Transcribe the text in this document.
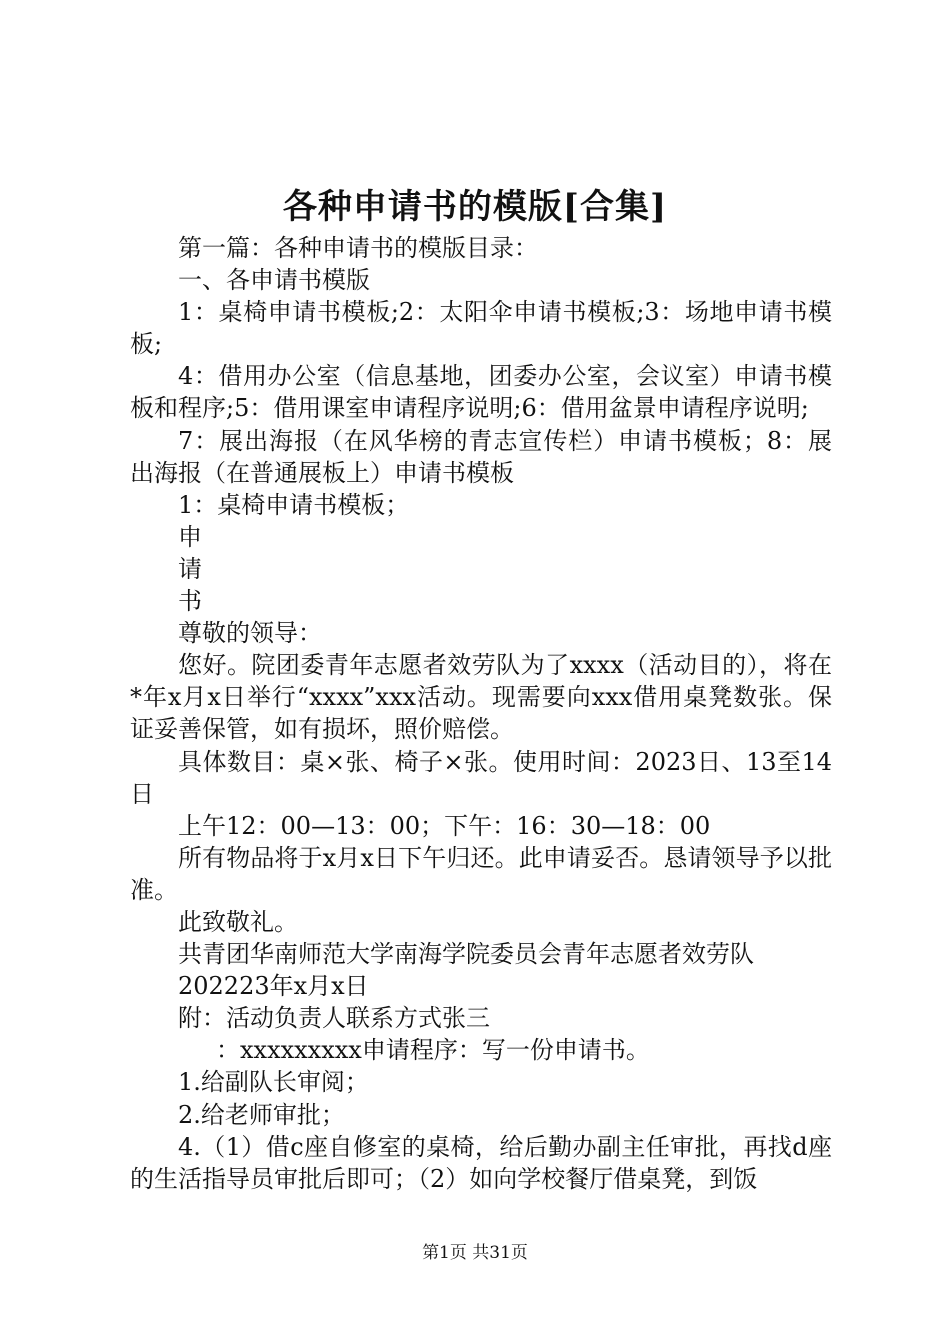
各种申请书的模版[合集]

第一篇：各种申请书的模版目录：

一、各申请书模版

1：桌椅申请书模板;2：太阳伞申请书模板;3：场地申请书模板;

4：借用办公室（信息基地，团委办公室，会议室）申请书模板和程序;5：借用课室申请程序说明;6：借用盆景申请程序说明;

7：展出海报（在风华榜的青志宣传栏）申请书模板；8：展出海报（在普通展板上）申请书模板

1：桌椅申请书模板；

申

请

书

尊敬的领导：

您好。院团委青年志愿者效劳队为了xxxx（活动目的），将在*年x月x日举行“xxxx”xxx活动。现需要向xxx借用桌凳数张。保证妥善保管，如有损坏，照价赔偿。

具体数目：桌×张、椅子×张。使用时间：2023日、13至14日

上午12：00—13：00；下午：16：30—18：00

所有物品将于x月x日下午归还。此申请妥否。恳请领导予以批准。

此致敬礼。

共青团华南师范大学南海学院委员会青年志愿者效劳队

202223年x月x日

附：活动负责人联系方式张三

：xxxxxxxxx申请程序：写一份申请书。

1.给副队长审阅；

2.给老师审批；

4.（1）借c座自修室的桌椅，给后勤办副主任审批，再找d座的生活指导员审批后即可；（2）如向学校餐厅借桌凳，到饭

第1页 共31页
